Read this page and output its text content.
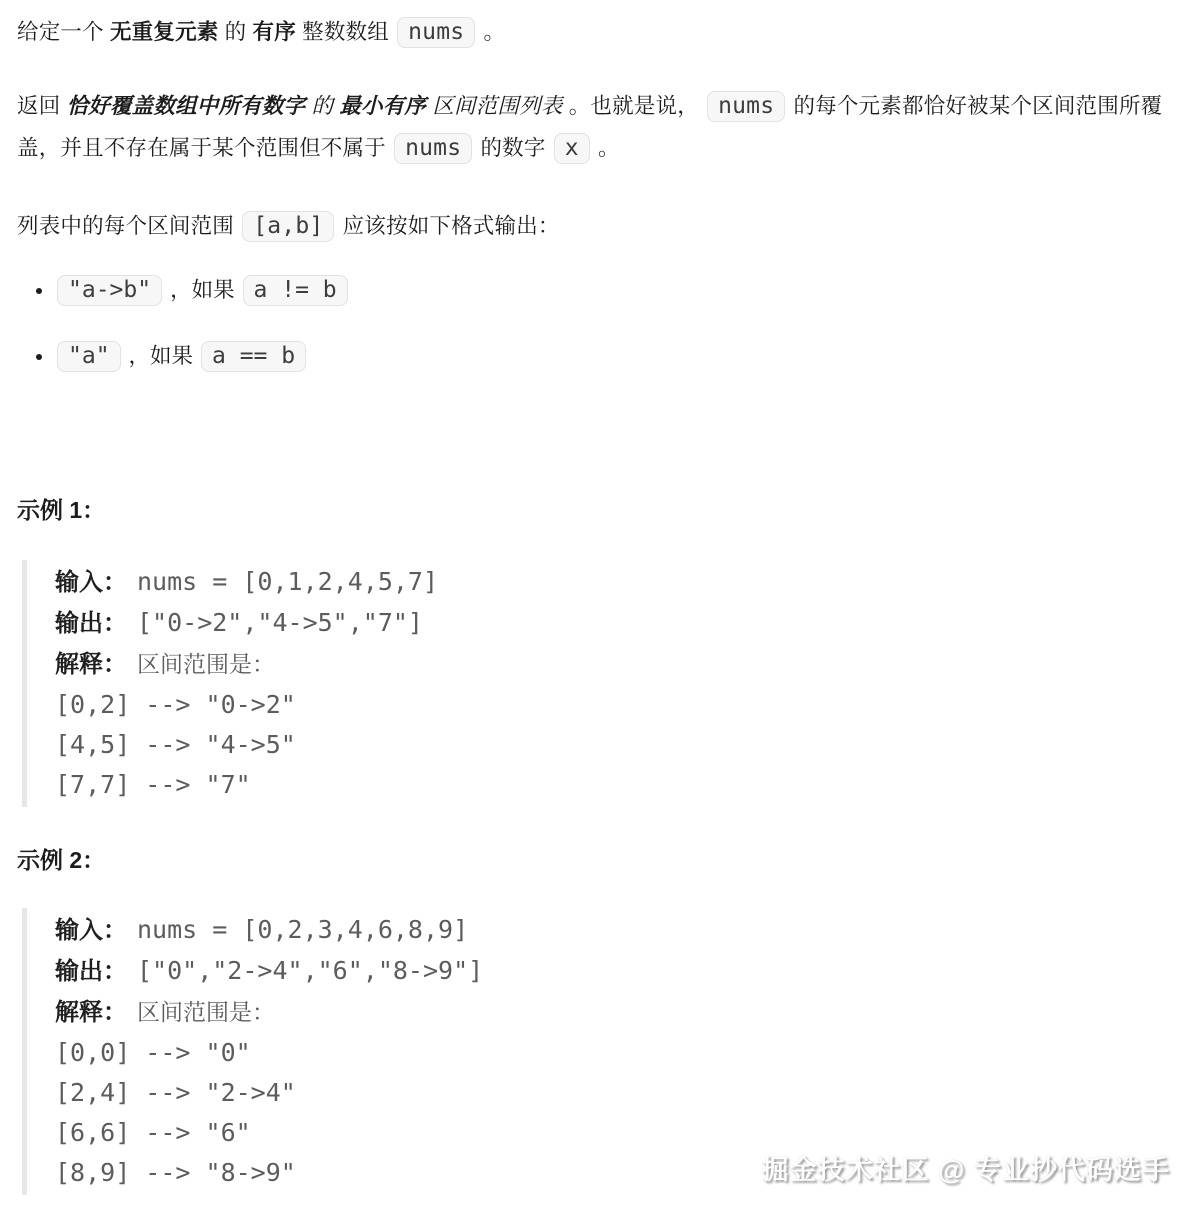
给定一个 无重复元素 的 有序 整数数组 nums 。

返回 恰好覆盖数组中所有数字 的 最小有序 区间范围列表 。也就是说， nums 的每个元素都恰好被某个区间范围所覆盖，并且不存在属于某个范围但不属于 nums 的数字 x 。

列表中的每个区间范围 [a,b] 应该按如下格式输出：

• "a->b" ，如果 a != b
• "a" ，如果 a == b
示例 1：
输入： nums = [0,1,2,4,5,7]
输出： ["0->2","4->5","7"]
解释： 区间范围是：
[0,2] --> "0->2"
[4,5] --> "4->5"
[7,7] --> "7"
示例 2：
输入： nums = [0,2,3,4,6,8,9]
输出： ["0","2->4","6","8->9"]
解释： 区间范围是：
[0,0] --> "0"
[2,4] --> "2->4"
[6,6] --> "6"
[8,9] --> "8->9"	掘金技术社区 @ 专业抄代码选手
